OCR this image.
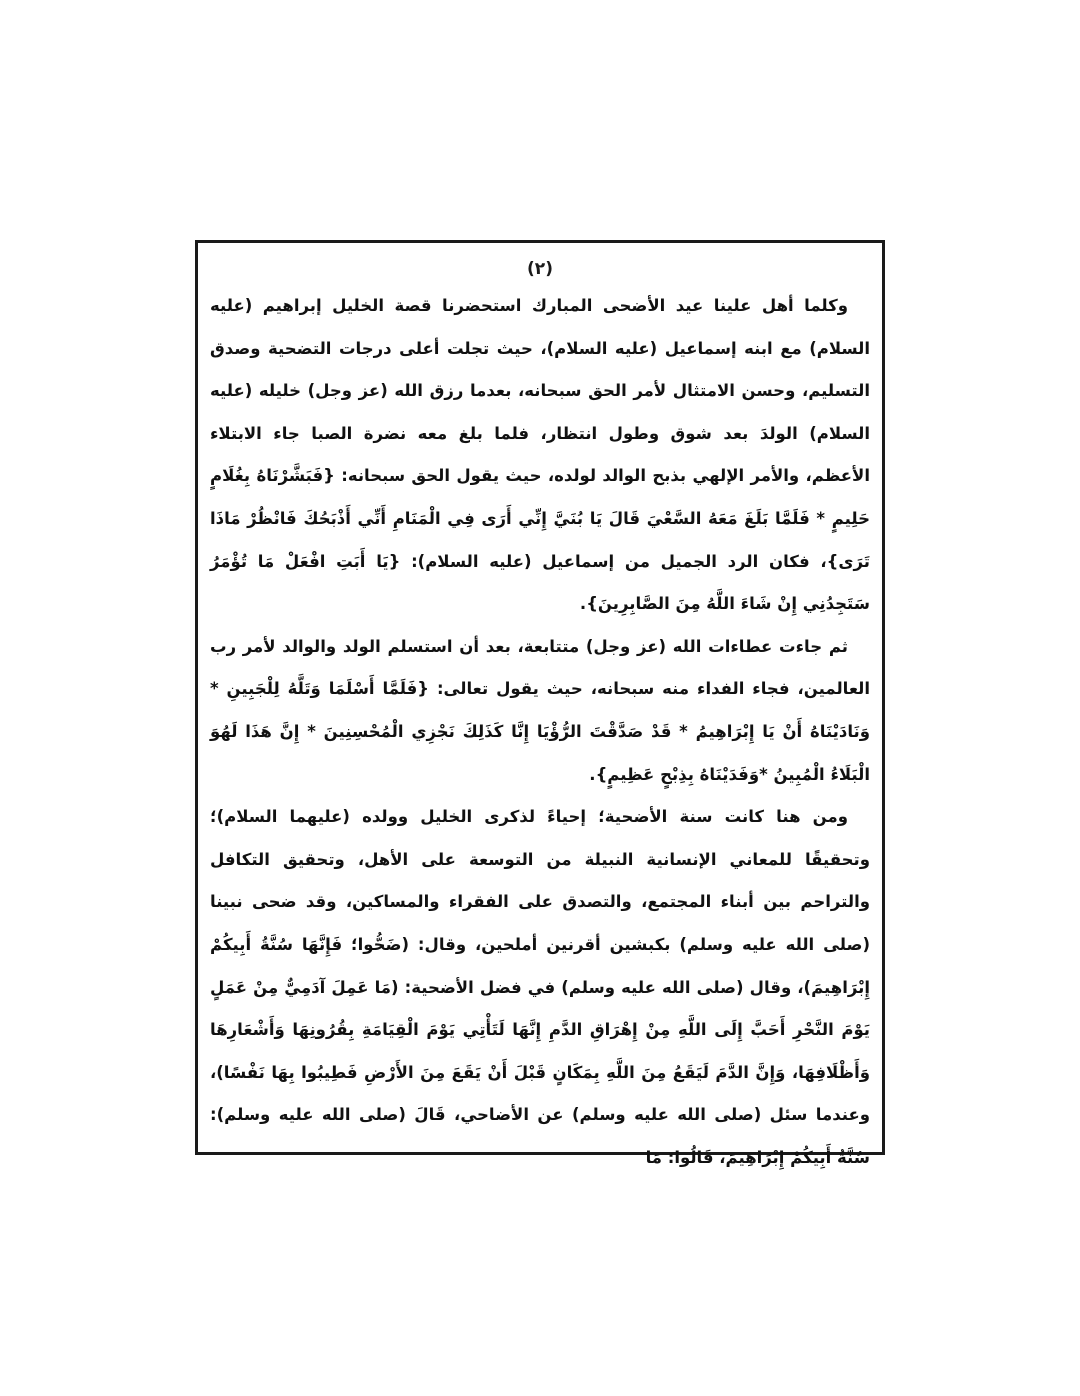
(٢)

وكلما أهل علينا عيد الأضحى المبارك استحضرنا قصة الخليل إبراهيم (عليه السلام) مع ابنه إسماعيل (عليه السلام)، حيث تجلت أعلى درجات التضحية وصدق التسليم، وحسن الامتثال لأمر الحق سبحانه، بعدما رزق الله (عز وجل) خليله (عليه السلام) الولدَ بعد شوق وطول انتظار، فلما بلغ معه نضرة الصبا جاء الابتلاء الأعظم، والأمر الإلهي بذبح الوالد لولده، حيث يقول الحق سبحانه: {فَبَشَّرْنَاهُ بِغُلَامٍ حَلِيمٍ * فَلَمَّا بَلَغَ مَعَهُ السَّعْيَ قَالَ يَا بُنَيَّ إِنِّي أَرَى فِي الْمَنَامِ أَنِّي أَذْبَحُكَ فَانْظُرْ مَاذَا تَرَى}، فكان الرد الجميل من إسماعيل (عليه السلام): {يَا أَبَتِ افْعَلْ مَا تُؤْمَرُ سَتَجِدُنِي إِنْ شَاءَ اللَّهُ مِنَ الصَّابِرِينَ}.

ثم جاءت عطاءات الله (عز وجل) متتابعة، بعد أن استسلم الولد والوالد لأمر رب العالمين، فجاء الفداء منه سبحانه، حيث يقول تعالى: {فَلَمَّا أَسْلَمَا وَتَلَّهُ لِلْجَبِينِ * وَنَادَيْنَاهُ أَنْ يَا إِبْرَاهِيمُ * قَدْ صَدَّقْتَ الرُّؤْيَا إِنَّا كَذَلِكَ نَجْزِي الْمُحْسِنِينَ * إِنَّ هَذَا لَهُوَ الْبَلَاءُ الْمُبِينُ *وَفَدَيْنَاهُ بِذِبْحٍ عَظِيمٍ}.

ومن هنا كانت سنة الأضحية؛ إحياءً لذكرى الخليل وولده (عليهما السلام)؛ وتحقيقًا للمعاني الإنسانية النبيلة من التوسعة على الأهل، وتحقيق التكافل والتراحم بين أبناء المجتمع، والتصدق على الفقراء والمساكين، وقد ضحى نبينا (صلى الله عليه وسلم) بكبشين أقرنين أملحين، وقال: (ضَحُّوا؛ فَإِنَّهَا سُنَّةُ أَبِيكُمْ إِبْرَاهِيمَ)، وقال (صلى الله عليه وسلم) في فضل الأضحية: (مَا عَمِلَ آدَمِيٌّ مِنْ عَمَلٍ يَوْمَ النَّحْرِ أَحَبَّ إِلَى اللَّهِ مِنْ إِهْرَاقِ الدَّمِ إِنَّهَا لَتَأْتِي يَوْمَ الْقِيَامَةِ بِقُرُونِهَا وَأَشْعَارِهَا وَأَظْلَافِهَا، وَإِنَّ الدَّمَ لَيَقَعُ مِنَ اللَّهِ بِمَكَانٍ قَبْلَ أَنْ يَقَعَ مِنَ الأَرْضِ فَطِيبُوا بِهَا نَفْسًا)، وعندما سئل (صلى الله عليه وسلم) عن الأضاحي، قَالَ (صلى الله عليه وسلم): سُنَّةُ أَبِيكُمْ إِبْرَاهِيمَ، قَالُوا: مَا
